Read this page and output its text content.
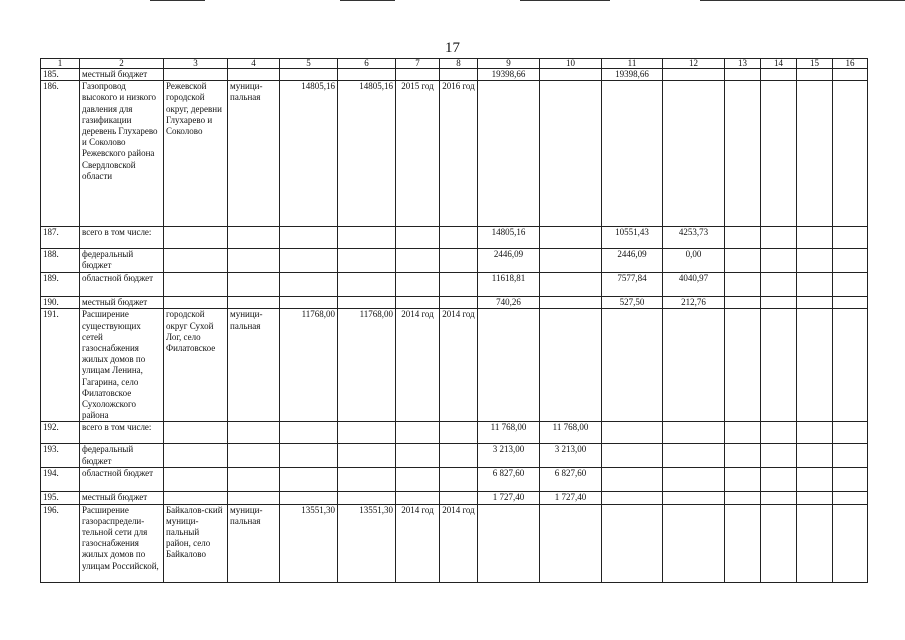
17
1	2	3	4	5	6	7	8	9	10	11	12	13	14	15	16
185.	местный бюджет							19398,66		19398,66					
186.	Газопровод высокого и низкого давления для газификации деревень Глухарево и Соколово Режевского района Свердловской области	Режевской городской округ, деревни Глухарево и Соколово	муници-пальная	14805,16	14805,16	2015 год	2016 год								
187.	всего в том числе:							14805,16		10551,43	4253,73				
188.	федеральный бюджет							2446,09		2446,09	0,00				
189.	областной бюджет							11618,81		7577,84	4040,97				
190.	местный бюджет							740,26		527,50	212,76				
191.	Расширение существующих сетей газоснабжения жилых домов по улицам Ленина, Гагарина, село Филатовское Сухоложского района	городской округ Сухой Лог, село Филатовское	муници-пальная	11768,00	11768,00	2014 год	2014 год								
192.	всего в том числе:							11 768,00	11 768,00						
193.	федеральный бюджет							3 213,00	3 213,00						
194.	областной бюджет							6 827,60	6 827,60						
195.	местный бюджет							1 727,40	1 727,40						
196.	Расширение газораспредели-тельной сети для газоснабжения жилых домов по улицам Российской,	Байкалов-ский муници-пальный район, село Байкалово	муници-пальная	13551,30	13551,30	2014 год	2014 год								
